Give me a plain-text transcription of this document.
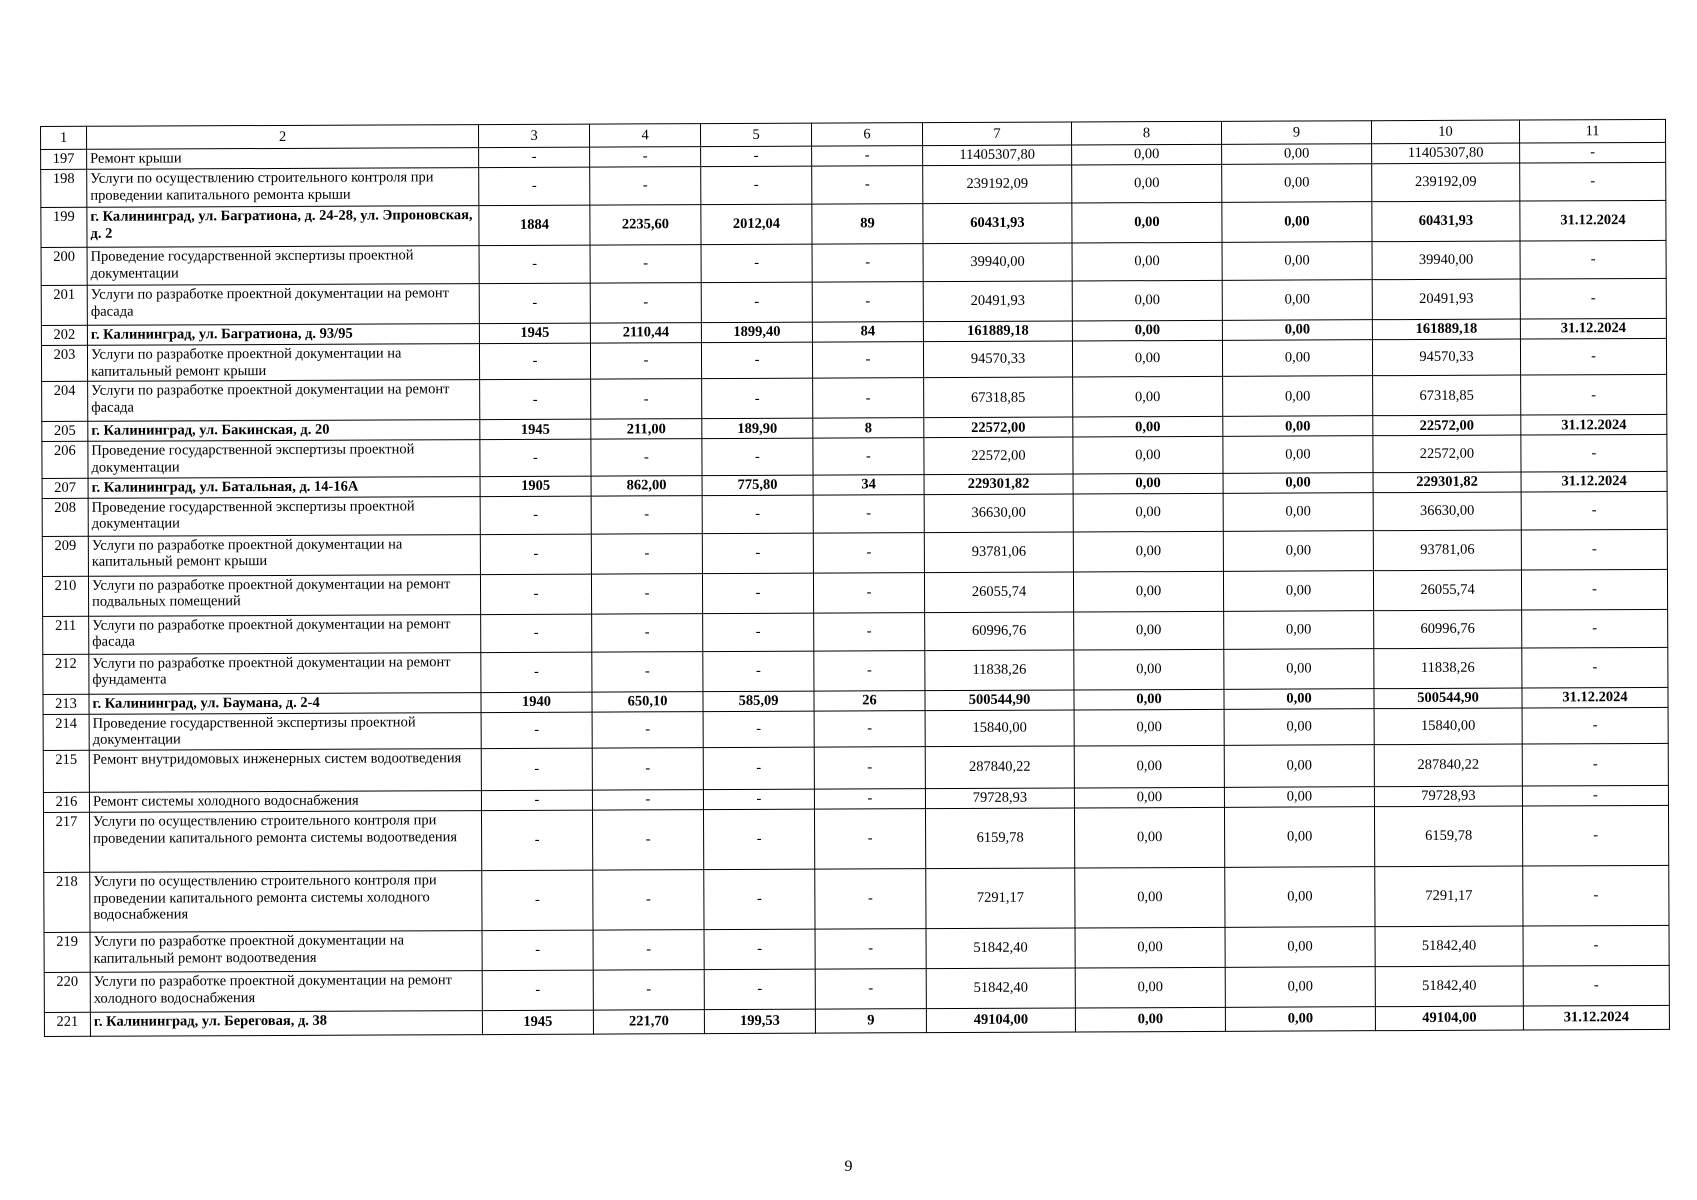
1	2	3	4	5	6	7	8	9	10	11
197	Ремонт крыши	-	-	-	-	11405307,80	0,00	0,00	11405307,80	-
198	Услуги по осуществлению строительного контроля при проведении капитального ремонта крыши	-	-	-	-	239192,09	0,00	0,00	239192,09	-
199	г. Калининград, ул. Багратиона, д. 24-28, ул. Эпроновская, д. 2	1884	2235,60	2012,04	89	60431,93	0,00	0,00	60431,93	31.12.2024
200	Проведение государственной экспертизы проектной документации	-	-	-	-	39940,00	0,00	0,00	39940,00	-
201	Услуги по разработке проектной документации на ремонт фасада	-	-	-	-	20491,93	0,00	0,00	20491,93	-
202	г. Калининград, ул. Багратиона, д. 93/95	1945	2110,44	1899,40	84	161889,18	0,00	0,00	161889,18	31.12.2024
203	Услуги по разработке проектной документации на капитальный ремонт крыши	-	-	-	-	94570,33	0,00	0,00	94570,33	-
204	Услуги по разработке проектной документации на ремонт фасада	-	-	-	-	67318,85	0,00	0,00	67318,85	-
205	г. Калининград, ул. Бакинская, д. 20	1945	211,00	189,90	8	22572,00	0,00	0,00	22572,00	31.12.2024
206	Проведение государственной экспертизы проектной документации	-	-	-	-	22572,00	0,00	0,00	22572,00	-
207	г. Калининград, ул. Батальная, д. 14-16А	1905	862,00	775,80	34	229301,82	0,00	0,00	229301,82	31.12.2024
208	Проведение государственной экспертизы проектной документации	-	-	-	-	36630,00	0,00	0,00	36630,00	-
209	Услуги по разработке проектной документации на капитальный ремонт крыши	-	-	-	-	93781,06	0,00	0,00	93781,06	-
210	Услуги по разработке проектной документации на ремонт подвальных помещений	-	-	-	-	26055,74	0,00	0,00	26055,74	-
211	Услуги по разработке проектной документации на ремонт фасада	-	-	-	-	60996,76	0,00	0,00	60996,76	-
212	Услуги по разработке проектной документации на ремонт фундамента	-	-	-	-	11838,26	0,00	0,00	11838,26	-
213	г. Калининград, ул. Баумана, д. 2-4	1940	650,10	585,09	26	500544,90	0,00	0,00	500544,90	31.12.2024
214	Проведение государственной экспертизы проектной документации	-	-	-	-	15840,00	0,00	0,00	15840,00	-
215	Ремонт внутридомовых инженерных систем водоотведения	-	-	-	-	287840,22	0,00	0,00	287840,22	-
216	Ремонт системы холодного водоснабжения	-	-	-	-	79728,93	0,00	0,00	79728,93	-
217	Услуги по осуществлению строительного контроля при проведении капитального ремонта системы водоотведения	-	-	-	-	6159,78	0,00	0,00	6159,78	-
218	Услуги по осуществлению строительного контроля при проведении капитального ремонта системы холодного водоснабжения	-	-	-	-	7291,17	0,00	0,00	7291,17	-
219	Услуги по разработке проектной документации на капитальный ремонт водоотведения	-	-	-	-	51842,40	0,00	0,00	51842,40	-
220	Услуги по разработке проектной документации на ремонт холодного водоснабжения	-	-	-	-	51842,40	0,00	0,00	51842,40	-
221	г. Калининград, ул. Береговая, д. 38	1945	221,70	199,53	9	49104,00	0,00	0,00	49104,00	31.12.2024
9
